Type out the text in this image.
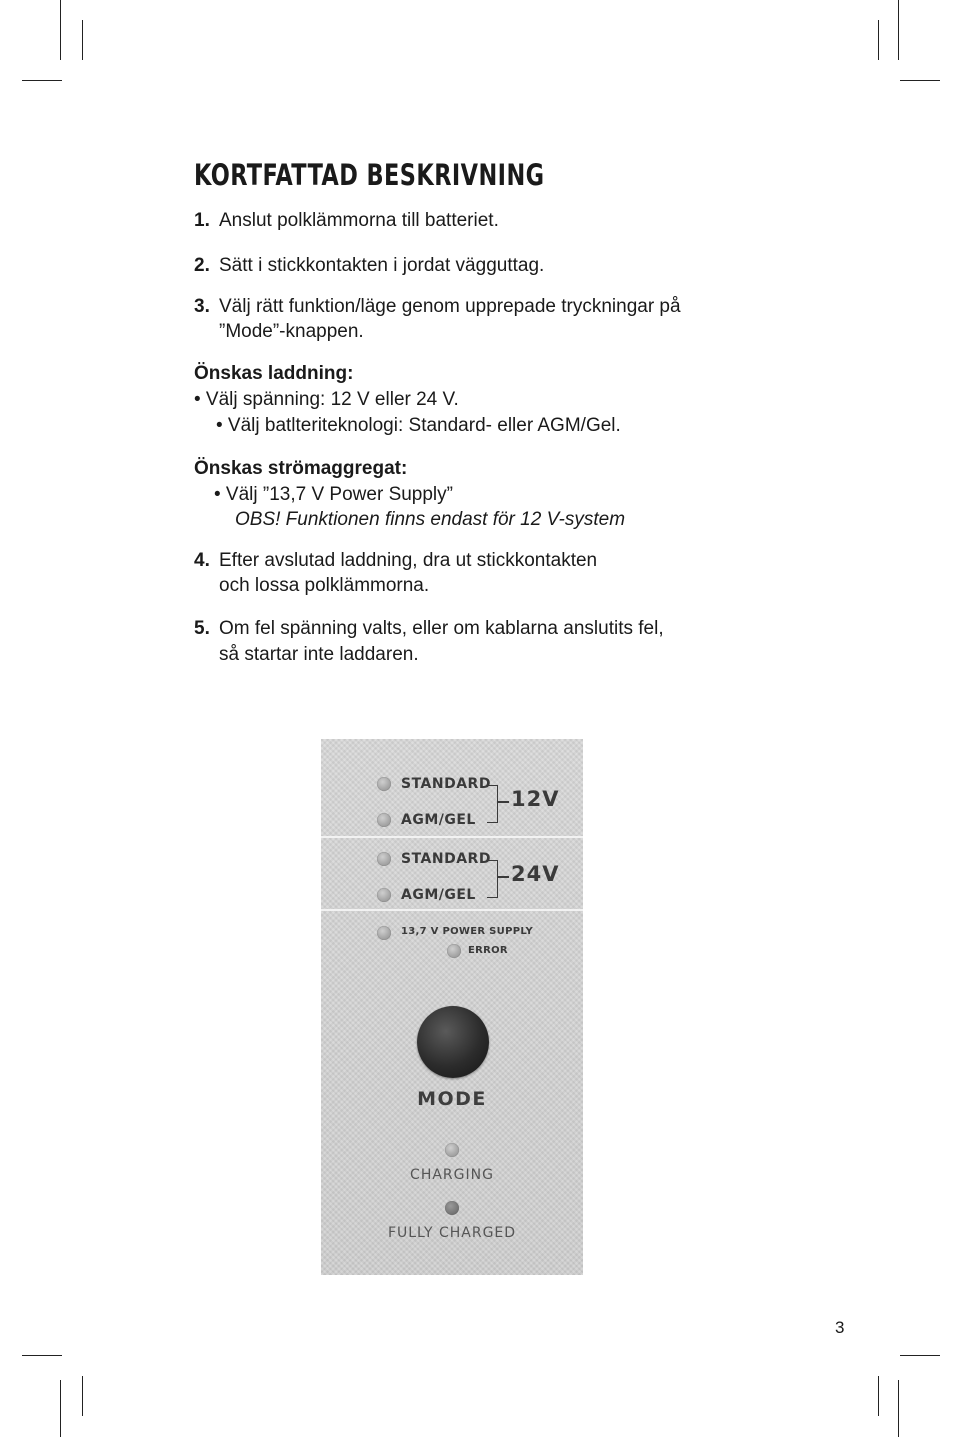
KORTFATTAD BESKRIVNING
1. Anslut polklämmorna till batteriet.
2. Sätt i stickkontakten i jordat vägguttag.
3. Välj rätt funktion/läge genom upprepade tryckningar på
”Mode”-knappen.
Önskas laddning:
• Välj spänning: 12 V eller 24 V.
• Välj batlteriteknologi: Standard- eller AGM/Gel.
Önskas strömaggregat:
• Välj ”13,7 V Power Supply”
OBS! Funktionen finns endast för 12 V-system
4. Efter avslutad laddning, dra ut stickkontakten
och lossa polklämmorna.
5. Om fel spänning valts, eller om kablarna anslutits fel,
så startar inte laddaren.
STANDARD
AGM/GEL
12V
STANDARD
AGM/GEL
24V
13,7 V POWER SUPPLY
ERROR
MODE
CHARGING
FULLY CHARGED
3
